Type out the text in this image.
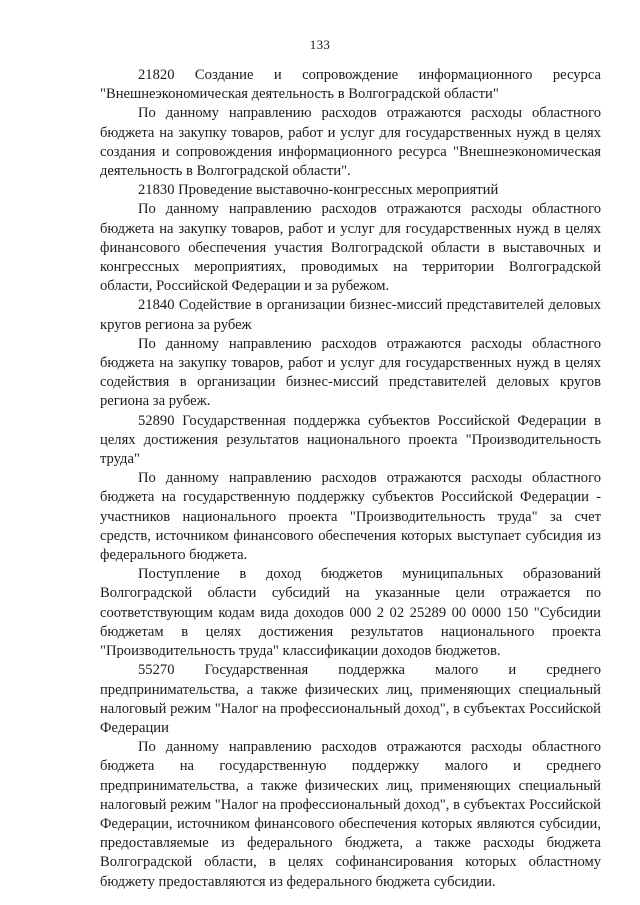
133

21820 Создание и сопровождение информационного ресурса "Внешнеэкономическая деятельность в Волгоградской области"

По данному направлению расходов отражаются расходы областного бюджета на закупку товаров, работ и услуг для государственных нужд в целях создания и сопровождения информационного ресурса "Внешнеэкономическая деятельность в Волгоградской области".

21830 Проведение выставочно-конгрессных мероприятий

По данному направлению расходов отражаются расходы областного бюджета на закупку товаров, работ и услуг для государственных нужд в целях финансового обеспечения участия Волгоградской области в выставочных и конгрессных мероприятиях, проводимых на территории Волгоградской области, Российской Федерации и за рубежом.

21840 Содействие в организации бизнес-миссий представителей деловых кругов региона за рубеж

По данному направлению расходов отражаются расходы областного бюджета на закупку товаров, работ и услуг для государственных нужд в целях содействия в организации бизнес-миссий представителей деловых кругов региона за рубеж.

52890 Государственная поддержка субъектов Российской Федерации в целях достижения результатов национального проекта "Производительность труда"

По данному направлению расходов отражаются расходы областного бюджета на государственную поддержку субъектов Российской Федерации - участников национального проекта "Производительность труда" за счет средств, источником финансового обеспечения которых выступает субсидия из федерального бюджета.

Поступление в доход бюджетов муниципальных образований Волгоградской области субсидий на указанные цели отражается по соответствующим кодам вида доходов 000 2 02 25289 00 0000 150 "Субсидии бюджетам в целях достижения результатов национального проекта "Производительность труда" классификации доходов бюджетов.

55270 Государственная поддержка малого и среднего предпринимательства, а также физических лиц, применяющих специальный налоговый режим "Налог на профессиональный доход", в субъектах Российской Федерации

По данному направлению расходов отражаются расходы областного бюджета на государственную поддержку малого и среднего предпринимательства, а также физических лиц, применяющих специальный налоговый режим "Налог на профессиональный доход", в субъектах Российской Федерации, источником финансового обеспечения которых являются субсидии, предоставляемые из федерального бюджета, а также расходы бюджета Волгоградской области, в целях софинансирования которых областному бюджету предоставляются из федерального бюджета субсидии.
